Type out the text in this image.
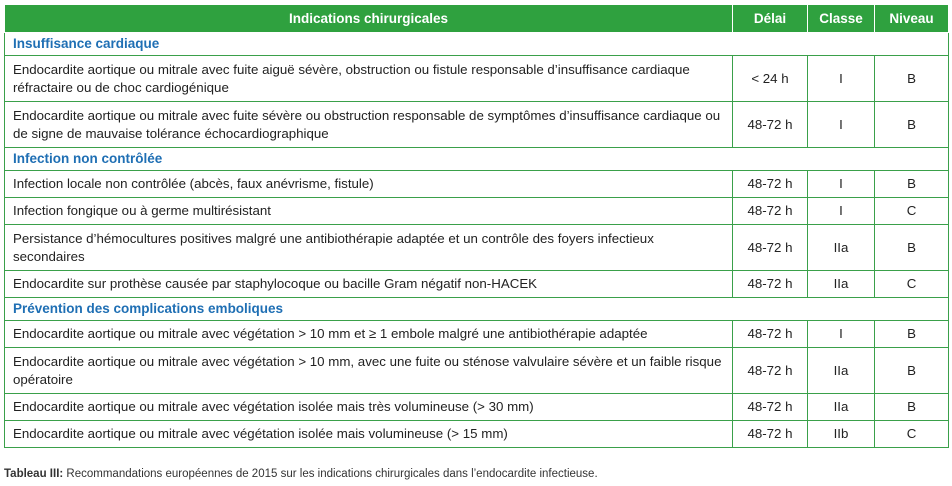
Indications chirurgicales	Délai	Classe	Niveau
Insuffisance cardiaque			
Endocardite aortique ou mitrale avec fuite aiguë sévère, obstruction ou fistule responsable d’insuffisance cardiaque réfractaire ou de choc cardiogénique	< 24 h	I	B
Endocardite aortique ou mitrale avec fuite sévère ou obstruction responsable de symptômes d’insuffisance cardiaque ou de signe de mauvaise tolérance échocardiographique	48-72 h	I	B
Infection non contrôlée			
Infection locale non contrôlée (abcès, faux anévrisme, fistule)	48-72 h	I	B
Infection fongique ou à germe multirésistant	48-72 h	I	C
Persistance d’hémocultures positives malgré une antibiothérapie adaptée et un contrôle des foyers infectieux secondaires	48-72 h	IIa	B
Endocardite sur prothèse causée par staphylocoque ou bacille Gram négatif non-HACEK	48-72 h	IIa	C
Prévention des complications emboliques			
Endocardite aortique ou mitrale avec végétation > 10 mm et ≥ 1 embole malgré une antibiothérapie adaptée	48-72 h	I	B
Endocardite aortique ou mitrale avec végétation > 10 mm, avec une fuite ou sténose valvulaire sévère et un faible risque opératoire	48-72 h	IIa	B
Endocardite aortique ou mitrale avec végétation isolée mais très volumineuse (> 30 mm)	48-72 h	IIa	B
Endocardite aortique ou mitrale avec végétation isolée mais volumineuse (> 15 mm)	48-72 h	IIb	C
Tableau III: Recommandations européennes de 2015 sur les indications chirurgicales dans l’endocardite infectieuse.
